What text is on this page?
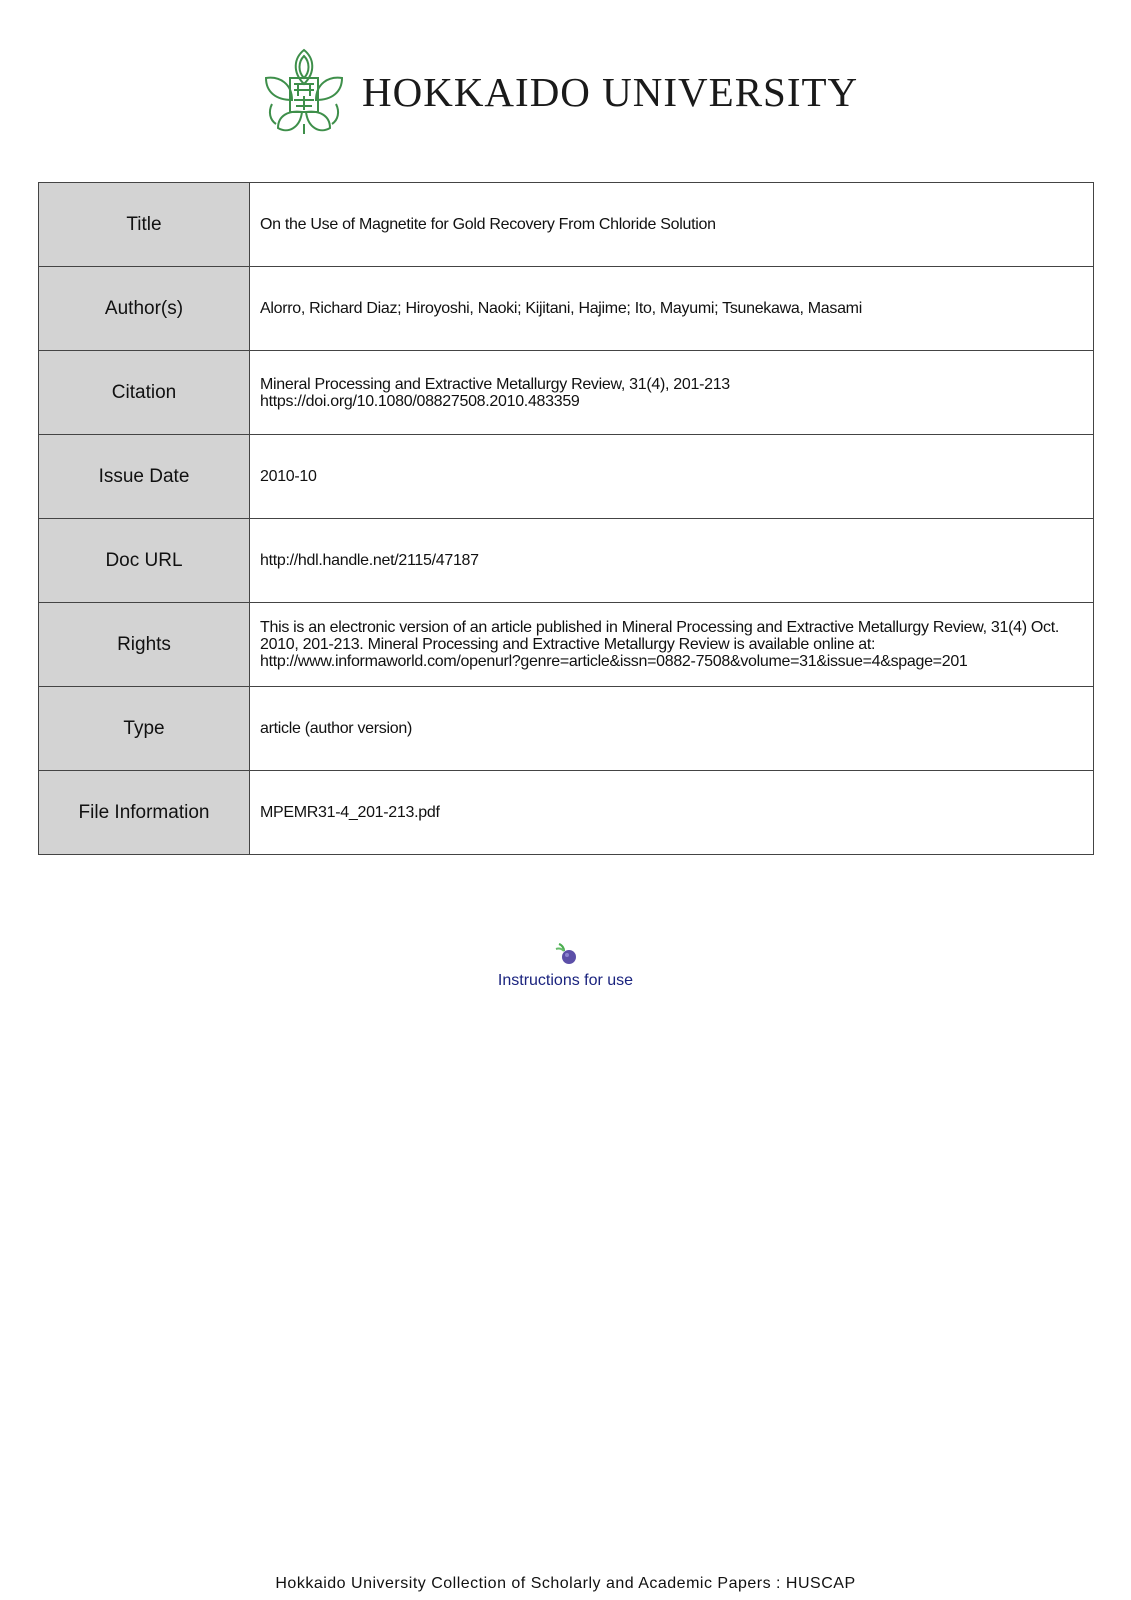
HOKKAIDO UNIVERSITY
Title	On the Use of Magnetite for Gold Recovery From Chloride Solution

Author(s)	Alorro, Richard Diaz; Hiroyoshi, Naoki; Kijitani, Hajime; Ito, Mayumi; Tsunekawa, Masami

Citation	Mineral Processing and Extractive Metallurgy Review, 31(4), 201-213
https://doi.org/10.1080/08827508.2010.483359

Issue Date	2010-10

Doc URL	http://hdl.handle.net/2115/47187

Rights	This is an electronic version of an article published in Mineral Processing and Extractive Metallurgy Review, 31(4) Oct.
2010, 201-213. Mineral Processing and Extractive Metallurgy Review is available online at:
http://www.informaworld.com/openurl?genre=article&issn=0882-7508&volume=31&issue=4&spage=201

Type	article (author version)

File Information	MPEMR31-4_201-213.pdf
Instructions for use
Hokkaido University Collection of Scholarly and Academic Papers : HUSCAP
